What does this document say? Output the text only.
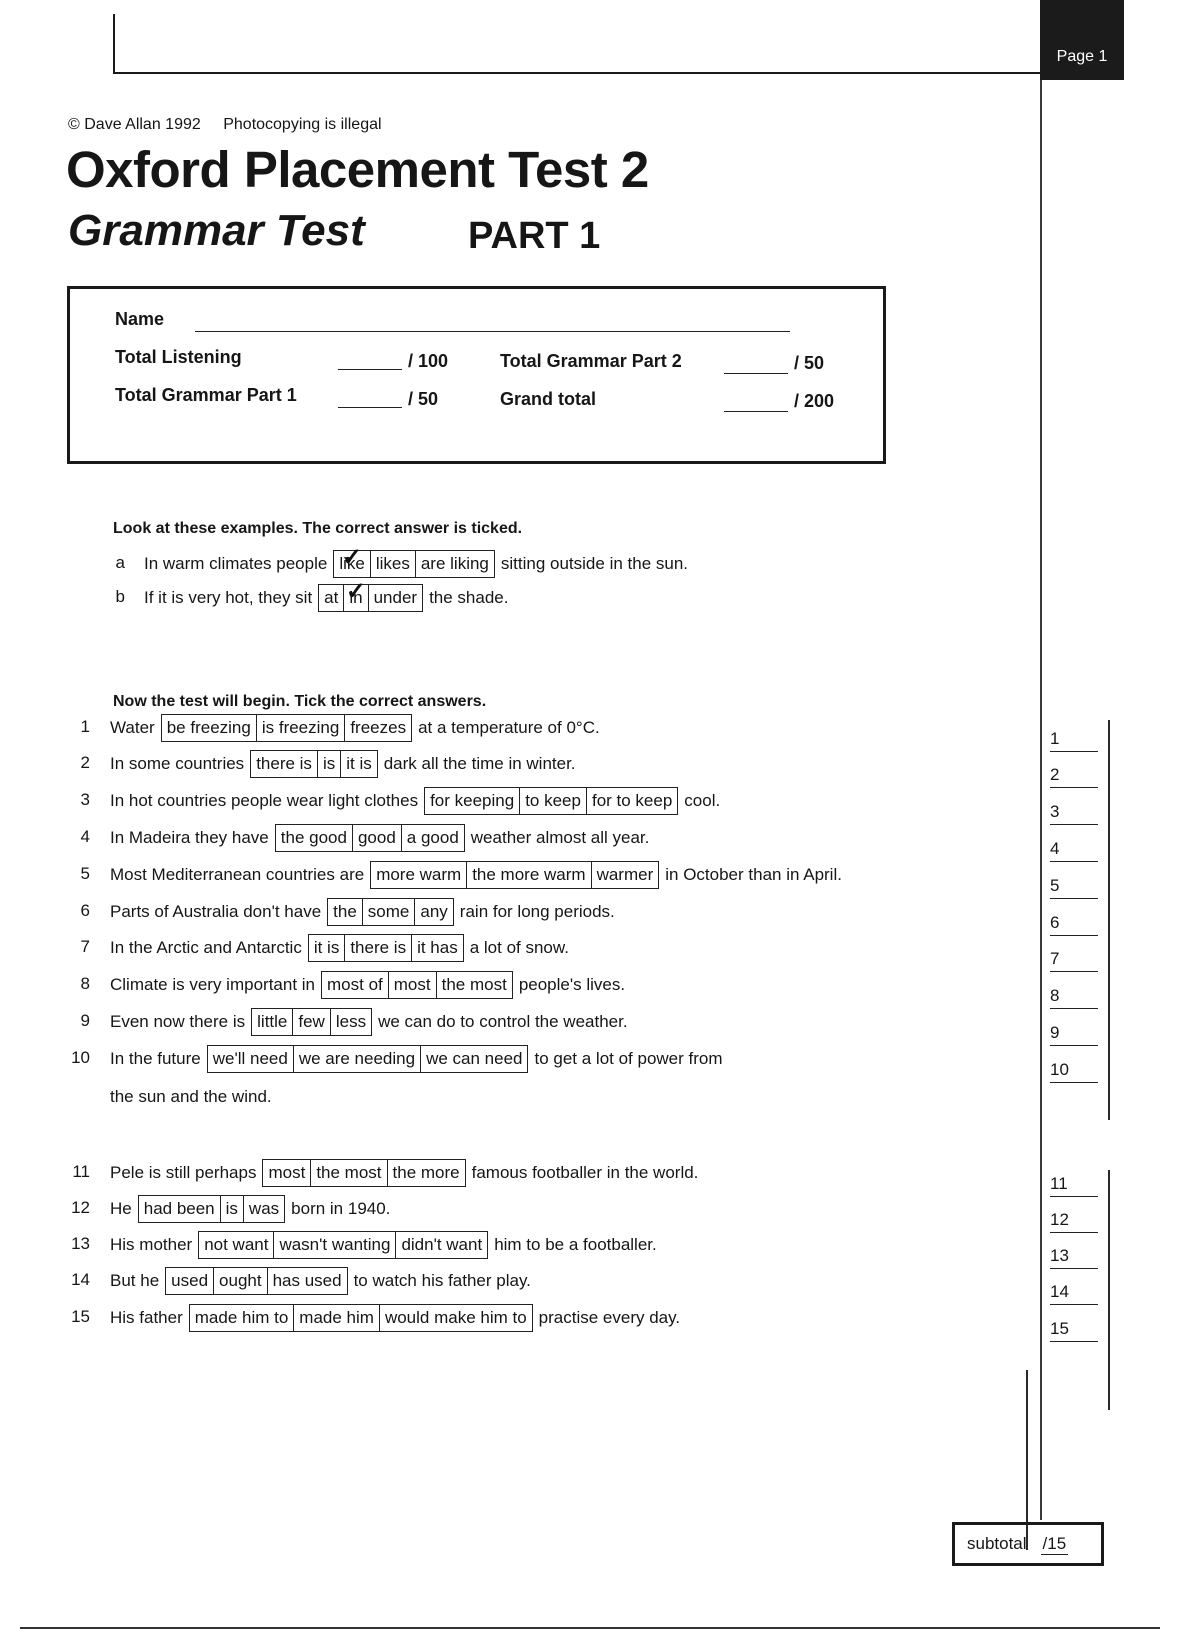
Page 1
© Dave Allan 1992 Photocopying is illegal
Oxford Placement Test 2
Grammar Test	PART 1
Name
Total Listening	/ 100
Total Grammar Part 1	/ 50
Total Grammar Part 2	/ 50
Grand total	/ 200
Look at these examples. The correct answer is ticked.
Now the test will begin. Tick the correct answers.
subtotal /15
a In warm climates people like ✓ likes are liking sitting outside in the sun.
b If it is very hot, they sit at in ✓ under the shade.
1 Water be freezing is freezing freezes at a temperature of 0°C.
1
2 In some countries there is is it is dark all the time in winter.
2
3 In hot countries people wear light clothes for keeping to keep for to keep cool.
3
4 In Madeira they have the good good a good weather almost all year.
4
5 Most Mediterranean countries are more warm the more warm warmer in October than in April.
5
6 Parts of Australia don't have the some any rain for long periods.
6
7 In the Arctic and Antarctic it is there is it has a lot of snow.
7
8 Climate is very important in most of most the most people's lives.
8
9 Even now there is little few less we can do to control the weather.
9
10 In the future we'll need we are needing we can need to get a lot of power from
10
the sun and the wind.
11 Pele is still perhaps most the most the more famous footballer in the world.
11
12 He had been is was born in 1940.
12
13 His mother not want wasn't wanting didn't want him to be a footballer.
13
14 But he used ought has used to watch his father play.
14
15 His father made him to made him would make him to practise every day.
15
